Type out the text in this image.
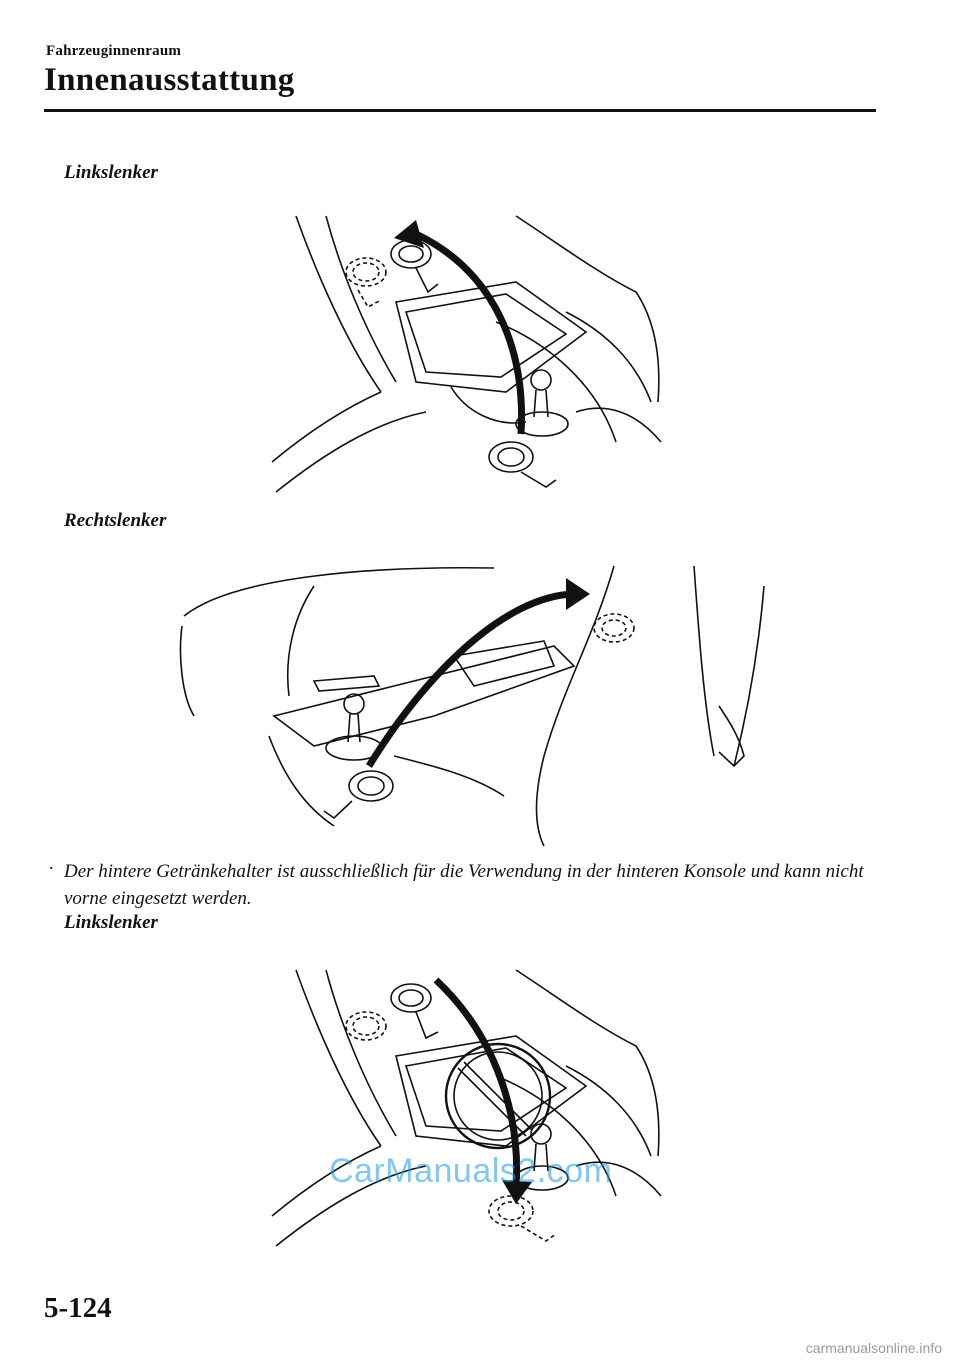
Fahrzeuginnenraum
Innenausstattung
Linkslenker
Rechtslenker
· Der hintere Getränkehalter ist ausschließlich für die Verwendung in der hinteren Konsole und kann nicht vorne eingesetzt werden.
Linkslenker
CarManuals2.com
5-124
carmanualsonline.info
